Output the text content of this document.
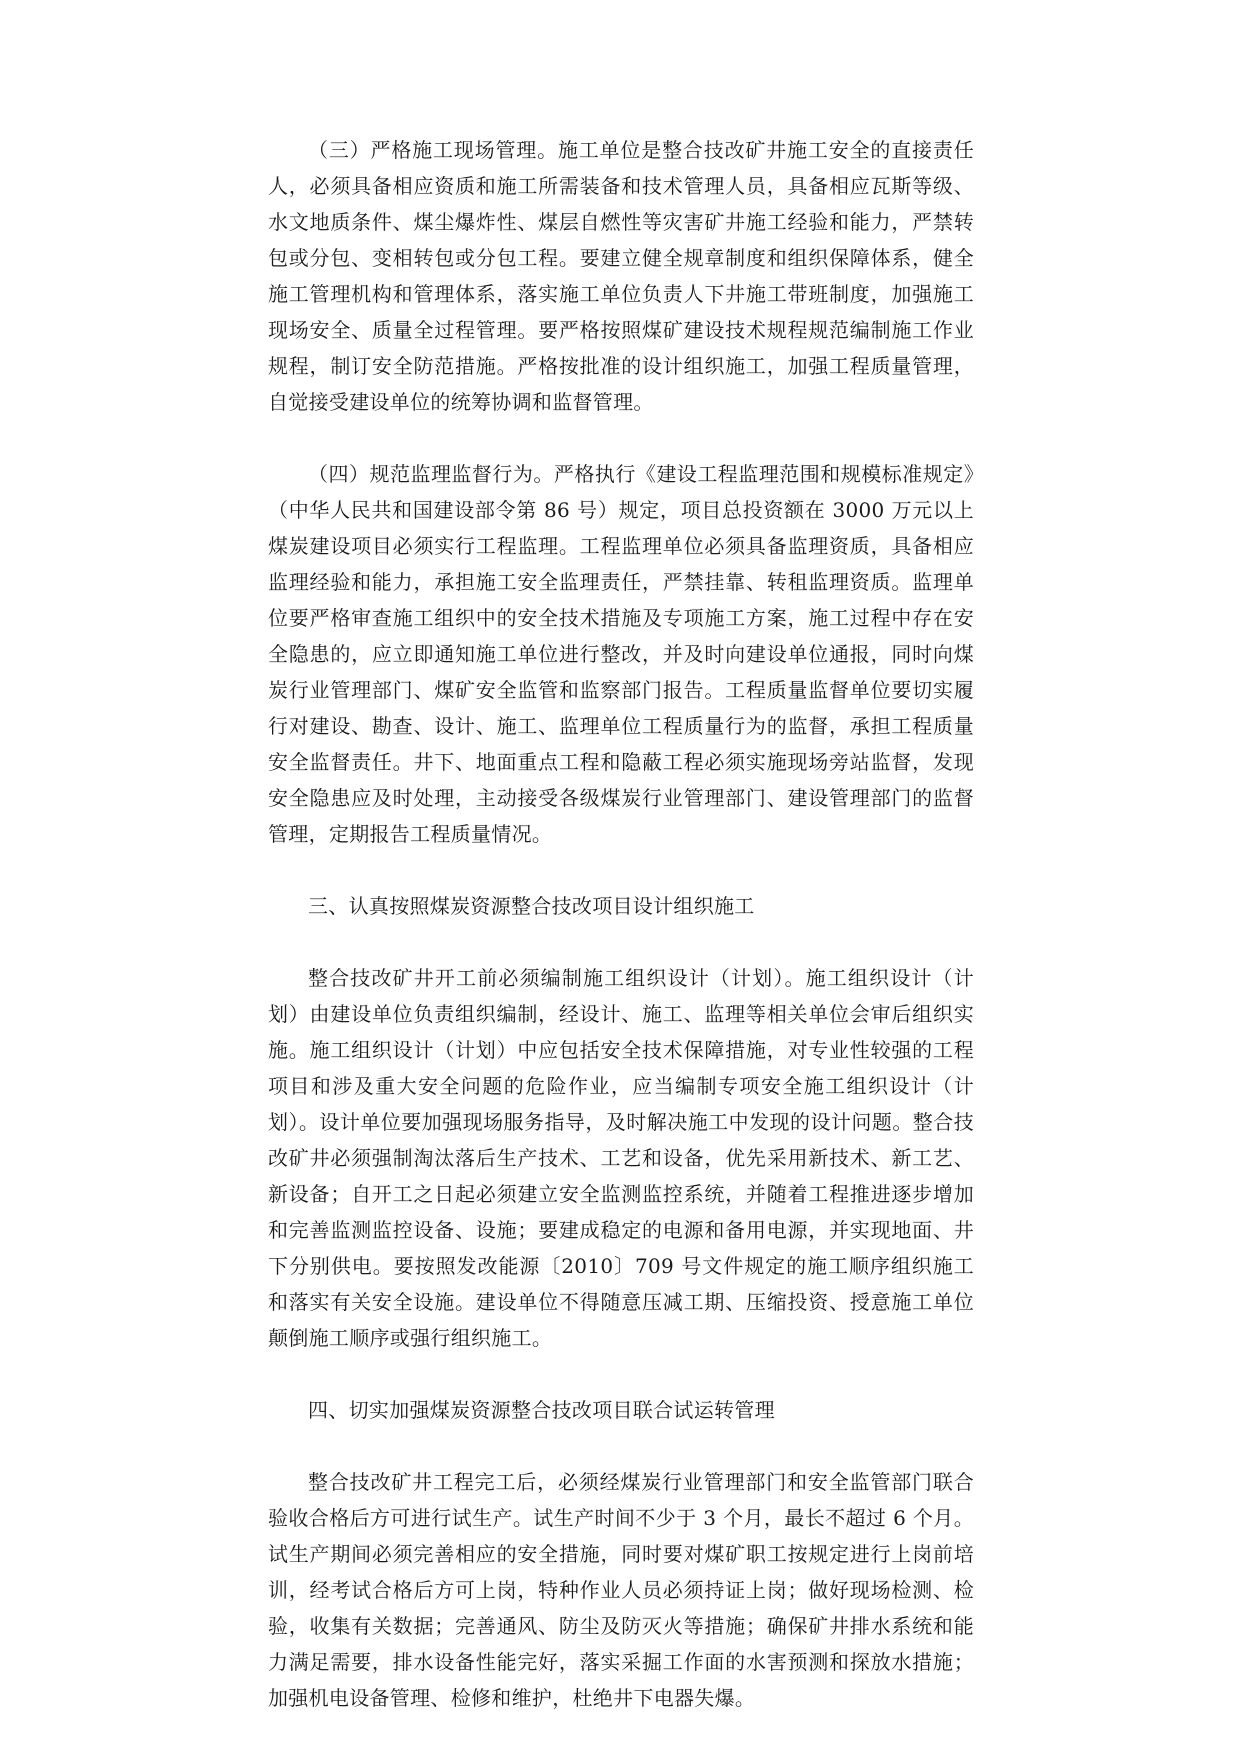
（三）严格施工现场管理。施工单位是整合技改矿井施工安全的直接责任人，必须具备相应资质和施工所需装备和技术管理人员，具备相应瓦斯等级、水文地质条件、煤尘爆炸性、煤层自燃性等灾害矿井施工经验和能力，严禁转包或分包、变相转包或分包工程。要建立健全规章制度和组织保障体系，健全施工管理机构和管理体系，落实施工单位负责人下井施工带班制度，加强施工现场安全、质量全过程管理。要严格按照煤矿建设技术规程规范编制施工作业规程，制订安全防范措施。严格按批准的设计组织施工，加强工程质量管理，自觉接受建设单位的统筹协调和监督管理。

（四）规范监理监督行为。严格执行《建设工程监理范围和规模标准规定》（中华人民共和国建设部令第 86 号）规定，项目总投资额在 3000 万元以上煤炭建设项目必须实行工程监理。工程监理单位必须具备监理资质，具备相应监理经验和能力，承担施工安全监理责任，严禁挂靠、转租监理资质。监理单位要严格审查施工组织中的安全技术措施及专项施工方案，施工过程中存在安全隐患的，应立即通知施工单位进行整改，并及时向建设单位通报，同时向煤炭行业管理部门、煤矿安全监管和监察部门报告。工程质量监督单位要切实履行对建设、勘查、设计、施工、监理单位工程质量行为的监督，承担工程质量安全监督责任。井下、地面重点工程和隐蔽工程必须实施现场旁站监督，发现安全隐患应及时处理，主动接受各级煤炭行业管理部门、建设管理部门的监督管理，定期报告工程质量情况。

三、认真按照煤炭资源整合技改项目设计组织施工

整合技改矿井开工前必须编制施工组织设计（计划）。施工组织设计（计划）由建设单位负责组织编制，经设计、施工、监理等相关单位会审后组织实施。施工组织设计（计划）中应包括安全技术保障措施，对专业性较强的工程项目和涉及重大安全问题的危险作业，应当编制专项安全施工组织设计（计划）。设计单位要加强现场服务指导，及时解决施工中发现的设计问题。整合技改矿井必须强制淘汰落后生产技术、工艺和设备，优先采用新技术、新工艺、新设备；自开工之日起必须建立安全监测监控系统，并随着工程推进逐步增加和完善监测监控设备、设施；要建成稳定的电源和备用电源，并实现地面、井下分别供电。要按照发改能源〔2010〕709 号文件规定的施工顺序组织施工和落实有关安全设施。建设单位不得随意压减工期、压缩投资、授意施工单位颠倒施工顺序或强行组织施工。

四、切实加强煤炭资源整合技改项目联合试运转管理

整合技改矿井工程完工后，必须经煤炭行业管理部门和安全监管部门联合验收合格后方可进行试生产。试生产时间不少于 3 个月，最长不超过 6 个月。试生产期间必须完善相应的安全措施，同时要对煤矿职工按规定进行上岗前培训，经考试合格后方可上岗，特种作业人员必须持证上岗；做好现场检测、检验，收集有关数据；完善通风、防尘及防灭火等措施；确保矿井排水系统和能力满足需要，排水设备性能完好，落实采掘工作面的水害预测和探放水措施；加强机电设备管理、检修和维护，杜绝井下电器失爆。
